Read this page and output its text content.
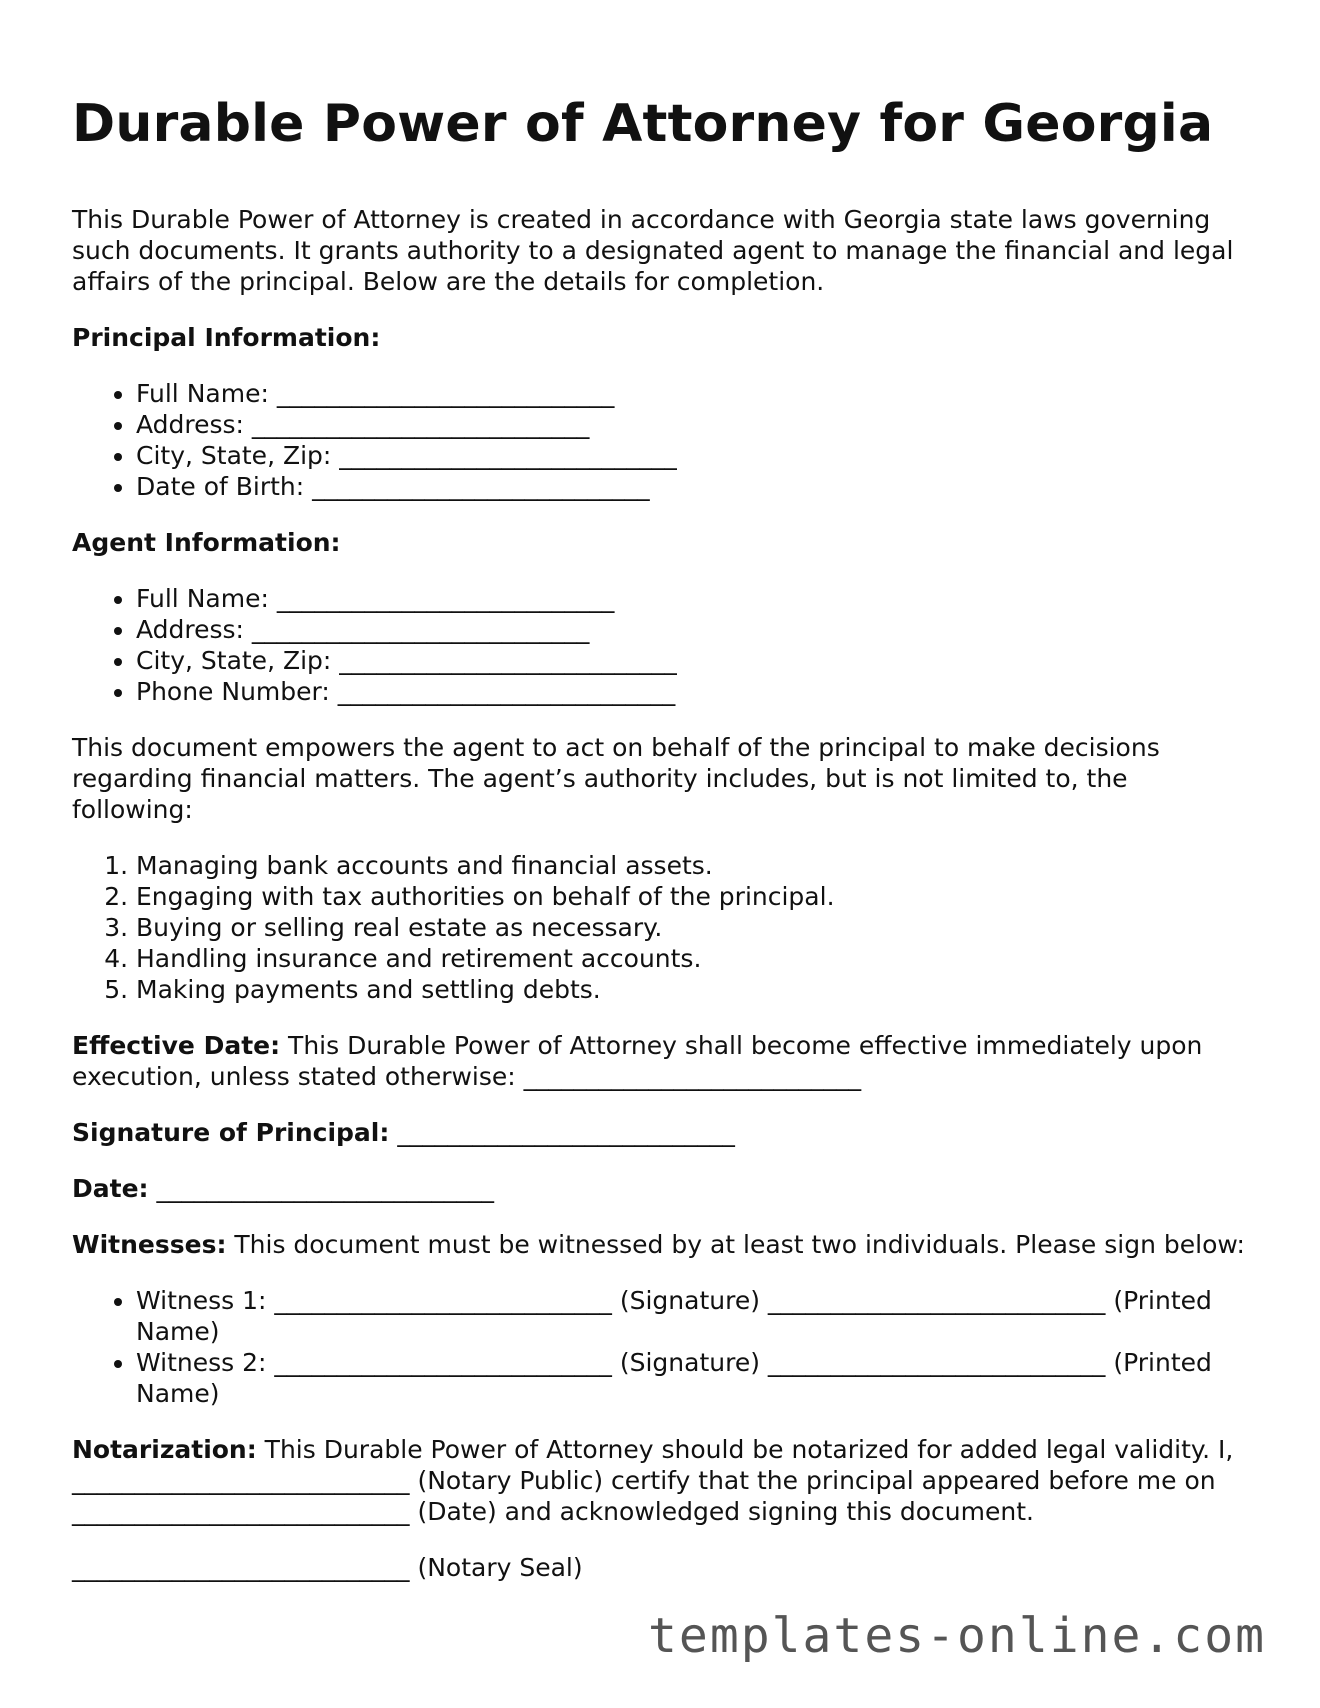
Durable Power of Attorney for Georgia

This Durable Power of Attorney is created in accordance with Georgia state laws governing such documents. It grants authority to a designated agent to manage the financial and legal affairs of the principal. Below are the details for completion.

Principal Information:

• Full Name: ___________________________
• Address: ___________________________
• City, State, Zip: ___________________________
• Date of Birth: ___________________________

Agent Information:

• Full Name: ___________________________
• Address: ___________________________
• City, State, Zip: ___________________________
• Phone Number: ___________________________

This document empowers the agent to act on behalf of the principal to make decisions regarding financial matters. The agent’s authority includes, but is not limited to, the following:

1. Managing bank accounts and financial assets.
2. Engaging with tax authorities on behalf of the principal.
3. Buying or selling real estate as necessary.
4. Handling insurance and retirement accounts.
5. Making payments and settling debts.

Effective Date: This Durable Power of Attorney shall become effective immediately upon execution, unless stated otherwise: ___________________________

Signature of Principal: ___________________________

Date: ___________________________

Witnesses: This document must be witnessed by at least two individuals. Please sign below:

• Witness 1: ___________________________ (Signature) ___________________________ (Printed Name)
• Witness 2: ___________________________ (Signature) ___________________________ (Printed Name)

Notarization: This Durable Power of Attorney should be notarized for added legal validity. I, ___________________________ (Notary Public) certify that the principal appeared before me on ___________________________ (Date) and acknowledged signing this document.

___________________________ (Notary Seal)

templates-online.com
